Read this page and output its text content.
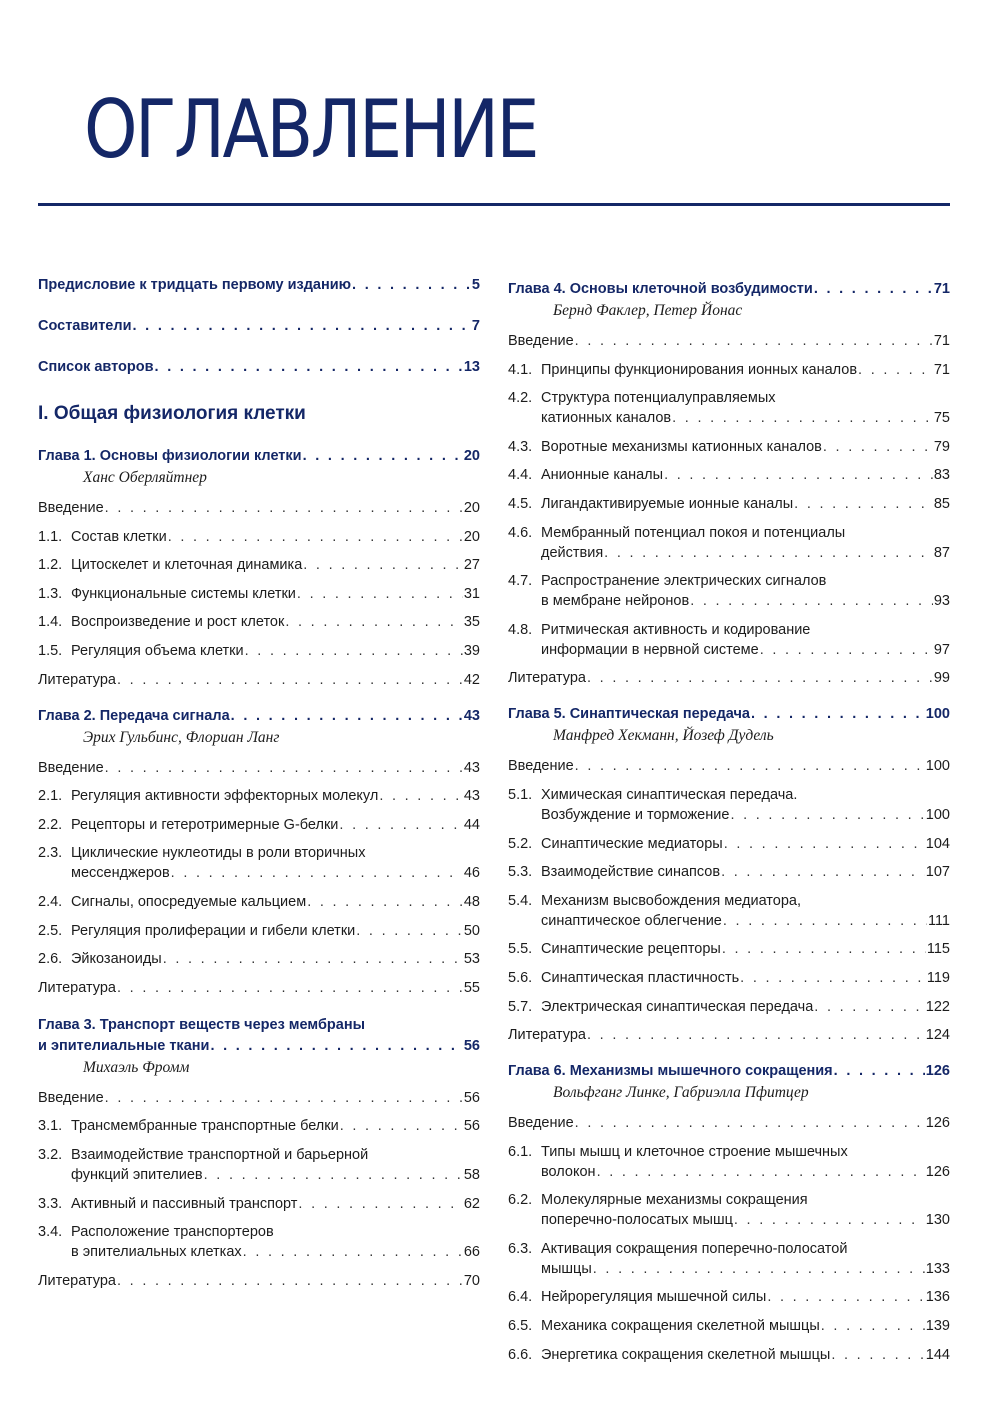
ОГЛАВЛЕНИЕ
Предисловие к тридцать первому изданию . . .	5
Составители . . .	7
Список авторов . . .	13
I. Общая физиология клетки
Глава 1. Основы физиологии клетки . . .	20
Ханс Оберляйтнер
Введение . . .	20
1.1. Состав клетки . . .	20
1.2. Цитоскелет и клеточная динамика . . .	27
1.3. Функциональные системы клетки . . .	31
1.4. Воспроизведение и рост клеток . . .	35
1.5. Регуляция объема клетки . . .	39
Литература . . .	42
Глава 2. Передача сигнала . . .	43
Эрих Гульбинс, Флориан Ланг
Введение . . .	43
2.1. Регуляция активности эффекторных молекул . . .	43
2.2. Рецепторы и гетеротримерные G-белки . . .	44
2.3. Циклические нуклеотиды в роли вторичных
мессенджеров . . .	46
2.4. Сигналы, опосредуемые кальцием . . .	48
2.5. Регуляция пролиферации и гибели клетки . . .	50
2.6. Эйкозаноиды . . .	53
Литература . . .	55
Глава 3. Транспорт веществ через мембраны
и эпителиальные ткани . . .	56
Михаэль Фромм
Введение . . .	56
3.1. Трансмембранные транспортные белки . . .	56
3.2. Взаимодействие транспортной и барьерной
функций эпителиев . . .	58
3.3. Активный и пассивный транспорт . . .	62
3.4. Расположение транспортеров
в эпителиальных клетках . . .	66
Литература . . .	70
Глава 4. Основы клеточной возбудимости . . .	71
Бернд Факлер, Петер Йонас
Введение . . .	71
4.1. Принципы функционирования ионных каналов . . .	71
4.2. Структура потенциалуправляемых
катионных каналов . . .	75
4.3. Воротные механизмы катионных каналов . . .	79
4.4. Анионные каналы . . .	83
4.5. Лигандактивируемые ионные каналы . . .	85
4.6. Мембранный потенциал покоя и потенциалы
действия . . .	87
4.7. Распространение электрических сигналов
в мембране нейронов . . .	93
4.8. Ритмическая активность и кодирование
информации в нервной системе . . .	97
Литература . . .	99
Глава 5. Синаптическая передача . . .	100
Манфред Хекманн, Йозеф Дудель
Введение . . .	100
5.1. Химическая синаптическая передача.
Возбуждение и торможение . . .	100
5.2. Синаптические медиаторы . . .	104
5.3. Взаимодействие синапсов . . .	107
5.4. Механизм высвобождения медиатора,
синаптическое облегчение . . .	111
5.5. Синаптические рецепторы . . .	115
5.6. Синаптическая пластичность . . .	119
5.7. Электрическая синаптическая передача . . .	122
Литература . . .	124
Глава 6. Механизмы мышечного сокращения . . .	126
Вольфганг Линке, Габриэлла Пфитцер
Введение . . .	126
6.1. Типы мышц и клеточное строение мышечных
волокон . . .	126
6.2. Молекулярные механизмы сокращения
поперечно-полосатых мышц . . .	130
6.3. Активация сокращения поперечно-полосатой
мышцы . . .	133
6.4. Нейрорегуляция мышечной силы . . .	136
6.5. Механика сокращения скелетной мышцы . . .	139
6.6. Энергетика сокращения скелетной мышцы . . .	144
